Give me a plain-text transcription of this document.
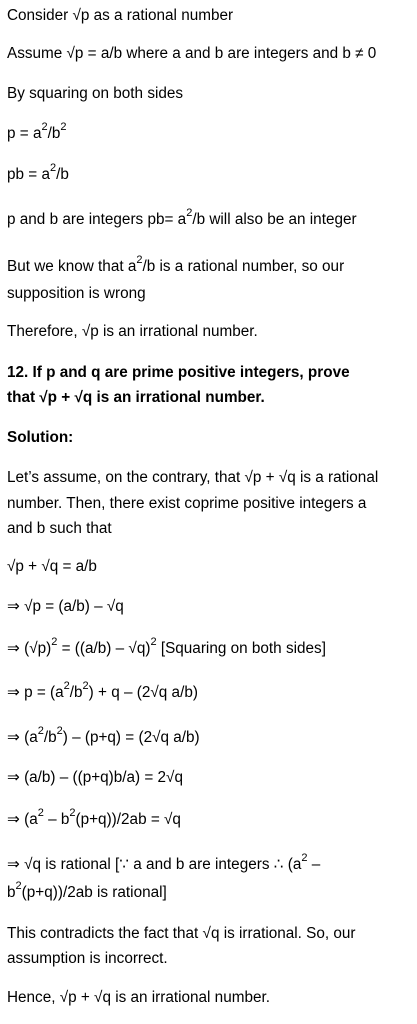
Consider √p as a rational number

Assume √p = a/b where a and b are integers and b ≠ 0

By squaring on both sides

$p = a^2/b^2$

pb = $a^2/b$

p and b are integers $pb= a^2/b$ will also be an integer

But we know that $a^2/b$ is a rational number, so our

supposition is wrong

Therefore, √p is an irrational number.

12. If p and q are prime positive integers, prove

that √p + √q is an irrational number.

Solution:

Let’s assume, on the contrary, that √p + √q is a rational

number. Then, there exist coprime positive integers a

and b such that

√p + √q = a/b

⇒ √p = (a/b) – √q

⇒ $(√p)^2 = ((a/b) - √q)^2$ [Squaring on both sides]

⇒ $p = (a^2/b^2) + q - (2√q$ a/b)

⇒ $(a^2/b^2) - (p+q) = (2√q$ a/b)

⇒ (a/b) – ((p+q)b/a) = 2√q

⇒ $(a^2 - b^2(p+q))/2ab = √q$

⇒ √q is rational [∵ a and b are integers ∴ ($a^2$ –

$b^2(p+q))/2ab$ is rational]

This contradicts the fact that √q is irrational. So, our

assumption is incorrect.

Hence, √p + √q is an irrational number.
